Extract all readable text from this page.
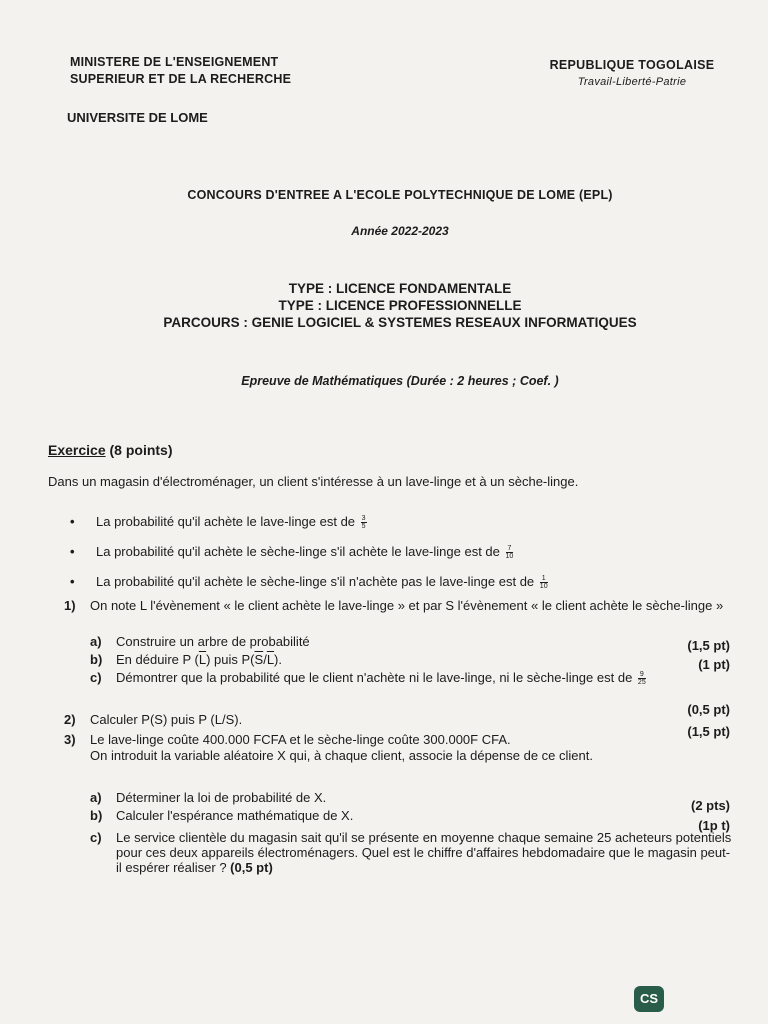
MINISTERE DE L'ENSEIGNEMENT
SUPERIEUR ET DE LA RECHERCHE
REPUBLIQUE TOGOLAISE
Travail-Liberté-Patrie
UNIVERSITE DE LOME
CONCOURS D'ENTREE A L'ECOLE POLYTECHNIQUE DE LOME (EPL)
Année 2022-2023
TYPE : LICENCE FONDAMENTALE
TYPE : LICENCE PROFESSIONNELLE
PARCOURS : GENIE LOGICIEL & SYSTEMES RESEAUX INFORMATIQUES
Epreuve de Mathématiques (Durée : 2 heures ; Coef. )
Exercice (8 points)
Dans un magasin d'électroménager, un client s'intéresse à un lave-linge et à un sèche-linge.
• La probabilité qu'il achète le lave-linge est de $\frac{3}{5}$
• La probabilité qu'il achète le sèche-linge s'il achète le lave-linge est de $\frac{7}{10}$
• La probabilité qu'il achète le sèche-linge s'il n'achète pas le lave-linge est de $\frac{1}{10}$
1) On note L l'évènement « le client achète le lave-linge » et par S l'évènement « le client achète le sèche-linge »
a) Construire un arbre de probabilité	(1,5 pt)
b) En déduire P $(\overline{L})$ puis $P(\overline{S}/\overline{L})$.	(1 pt)
c) Démontrer que la probabilité que le client n'achète ni le lave-linge, ni le sèche-linge est de $\frac{9}{25}$
(0,5 pt)
2) Calculer P(S) puis P (L/S).
(1,5 pt)
3) Le lave-linge coûte 400.000 FCFA et le sèche-linge coûte 300.000F CFA.
On introduit la variable aléatoire X qui, à chaque client, associe la dépense de ce client.
a) Déterminer la loi de probabilité de X.
(2 pts)
b) Calculer l'espérance mathématique de X.
(1p t)
c) Le service clientèle du magasin sait qu'il se présente en moyenne chaque semaine 25 acheteurs potentiels pour ces deux appareils électroménagers. Quel est le chiffre d'affaires hebdomadaire que le magasin peut-il espérer réaliser ? (0,5 pt)
CS
